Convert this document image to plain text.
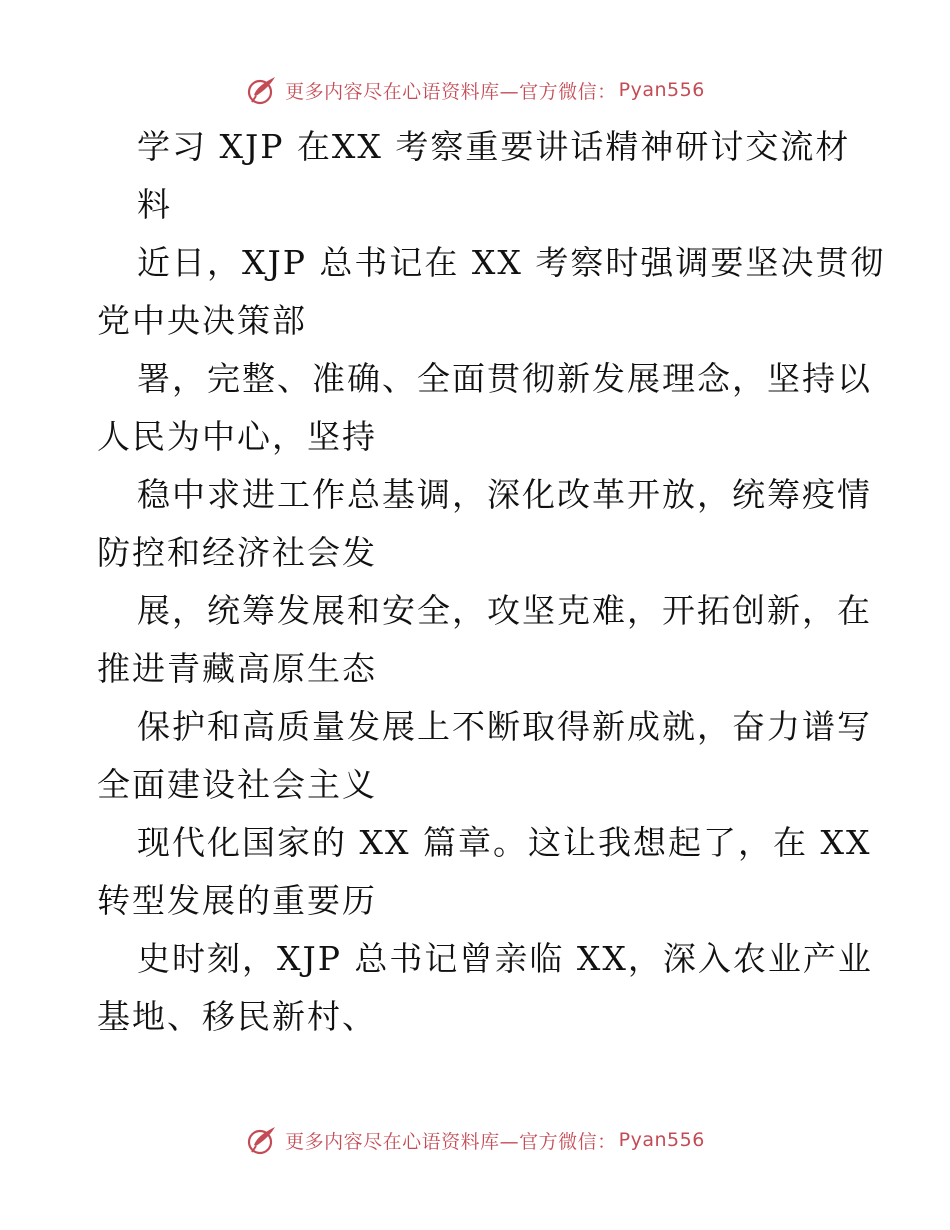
更多内容尽在心语资料库—官方微信： Pyan556
学习 XJP 在XX 考察重要讲话精神研讨交流材
料
近日，XJP 总书记在 XX 考察时强调要坚决贯彻
党中央决策部
署，完整、准确、全面贯彻新发展理念，坚持以
人民为中心，坚持
稳中求进工作总基调，深化改革开放，统筹疫情
防控和经济社会发
展，统筹发展和安全，攻坚克难，开拓创新，在
推进青藏高原生态
保护和高质量发展上不断取得新成就，奋力谱写
全面建设社会主义
现代化国家的 XX 篇章。这让我想起了，在 XX
转型发展的重要历
史时刻，XJP 总书记曾亲临 XX，深入农业产业
基地、移民新村、
更多内容尽在心语资料库—官方微信： Pyan556
